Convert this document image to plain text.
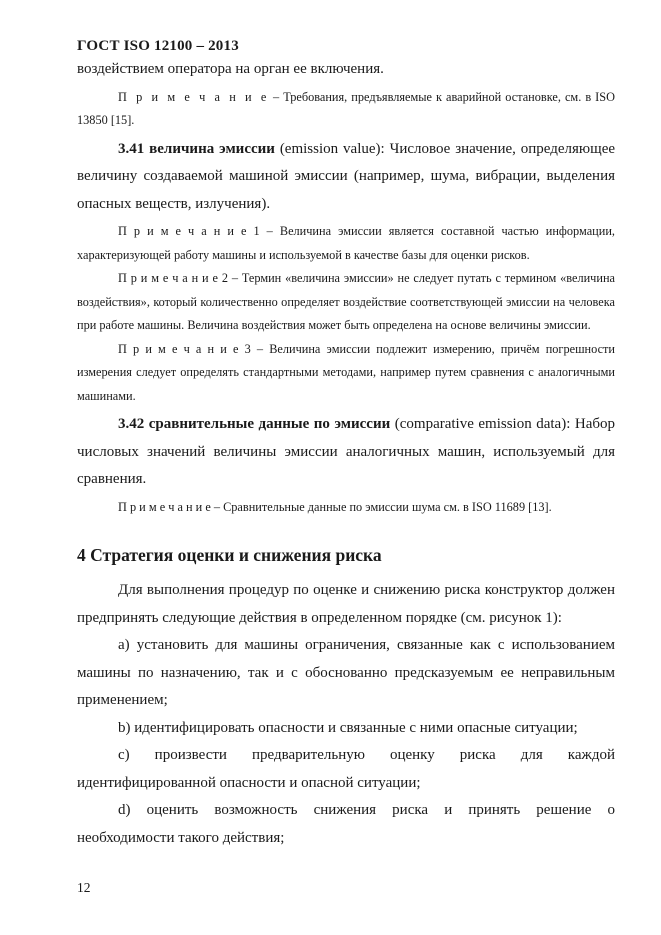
ГОСТ ISO 12100 – 2013

воздействием оператора на орган ее включения.

П р и м е ч а н и е – Требования, предъявляемые к аварийной остановке, см. в ISO 13850 [15].

3.41 величина эмиссии (emission value): Числовое значение, определяющее величину создаваемой машиной эмиссии (например, шума, вибрации, выделения опасных веществ, излучения).

П р и м е ч а н и е 1 – Величина эмиссии является составной частью информации, характеризующей работу машины и используемой в качестве базы для оценки рисков.

П р и м е ч а н и е 2 – Термин «величина эмиссии» не следует путать с термином «величина воздействия», который количественно определяет воздействие соответствующей эмиссии на человека при работе машины. Величина воздействия может быть определена на основе величины эмиссии.

П р и м е ч а н и е 3 – Величина эмиссии подлежит измерению, причём погрешности измерения следует определять стандартными методами, например путем сравнения с аналогичными машинами.

3.42 сравнительные данные по эмиссии (comparative emission data): Набор числовых значений величины эмиссии аналогичных машин, используемый для сравнения.

П р и м е ч а н и е – Сравнительные данные по эмиссии шума см. в ISO 11689 [13].

4 Стратегия оценки и снижения риска

Для выполнения процедур по оценке и снижению риска конструктор должен предпринять следующие действия в определенном порядке (см. рисунок 1):

a) установить для машины ограничения, связанные как с использованием машины по назначению, так и с обоснованно предсказуемым ее неправильным применением;

b) идентифицировать опасности и связанные с ними опасные ситуации;

c) произвести предварительную оценку риска для каждой идентифицированной опасности и опасной ситуации;

d) оценить возможность снижения риска и принять решение о необходимости такого действия;

12
